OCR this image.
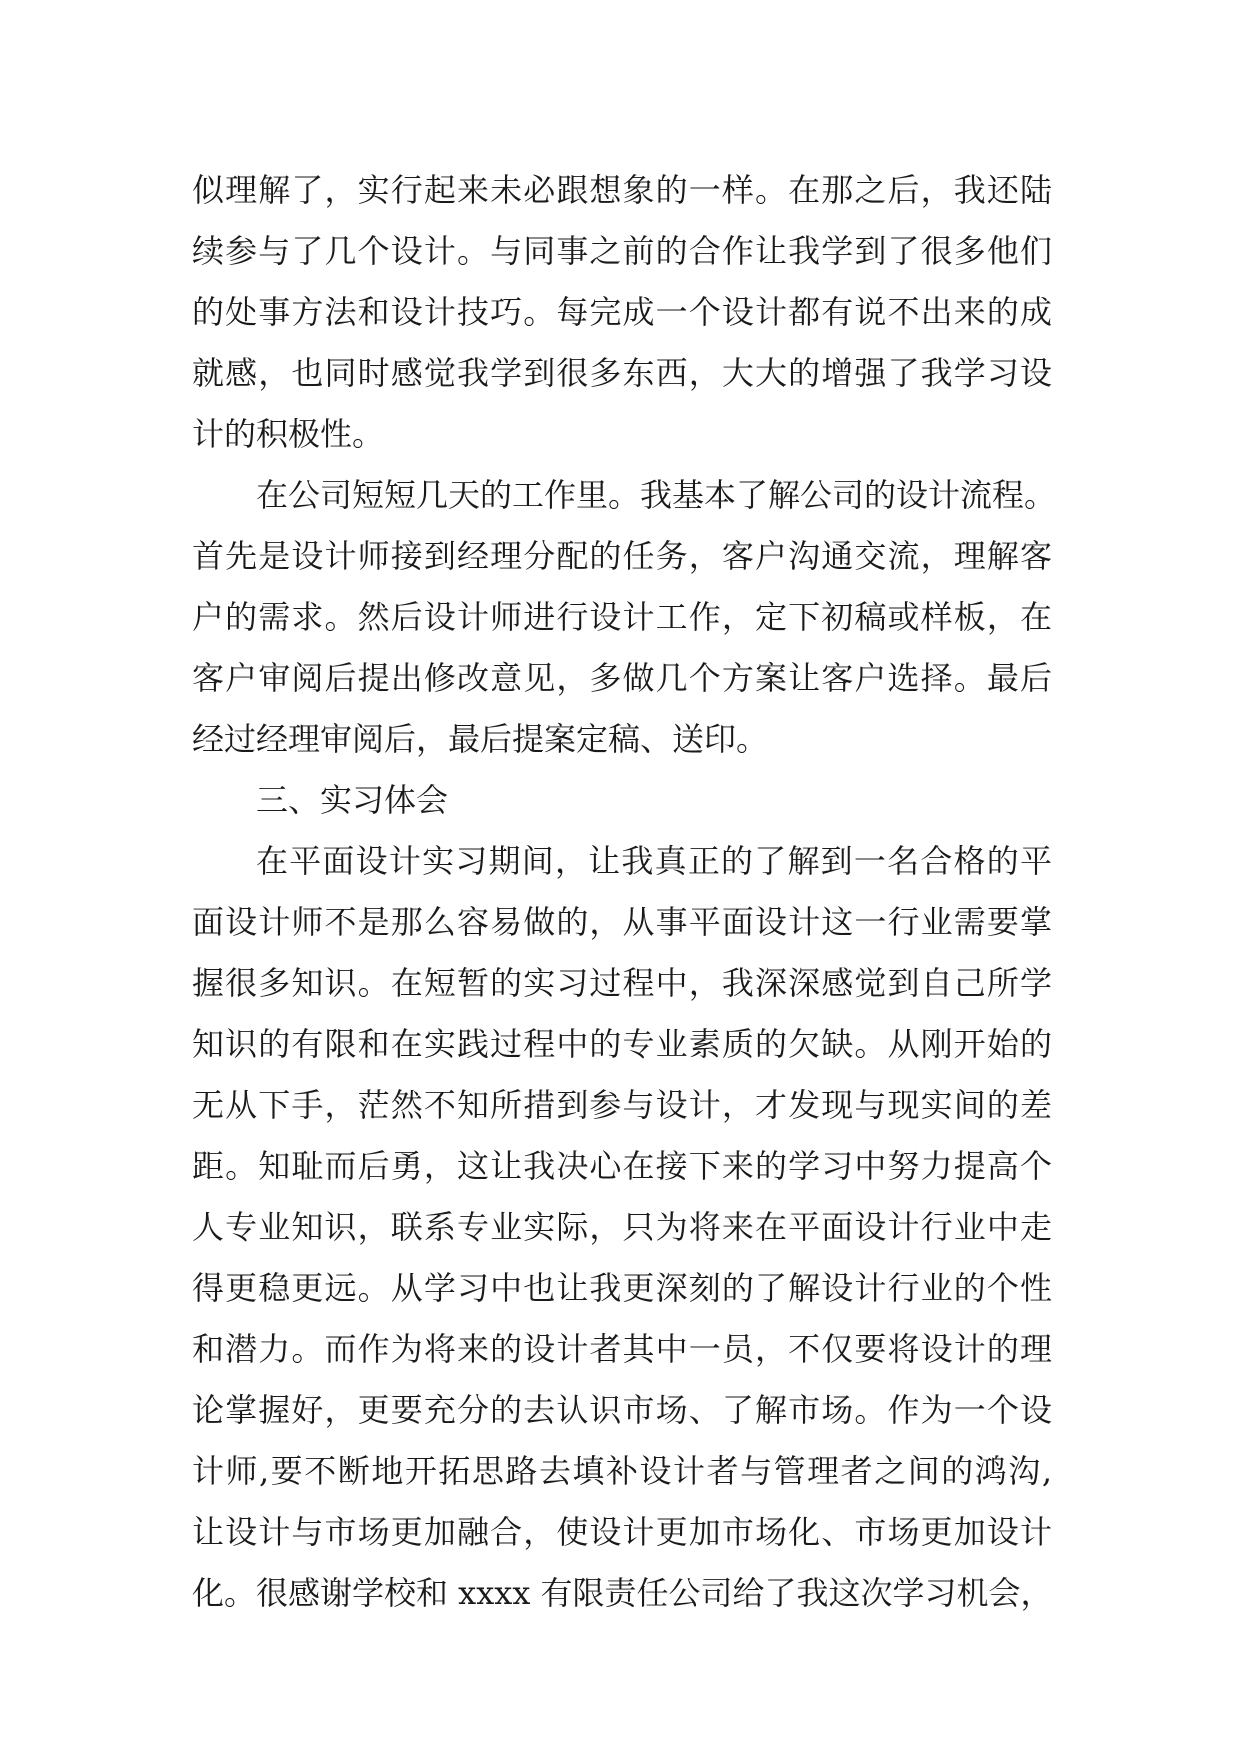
似理解了，实行起来未必跟想象的一样。在那之后，我还陆
续参与了几个设计。与同事之前的合作让我学到了很多他们
的处事方法和设计技巧。每完成一个设计都有说不出来的成
就感，也同时感觉我学到很多东西，大大的增强了我学习设
计的积极性。
在公司短短几天的工作里。我基本了解公司的设计流程。
首先是设计师接到经理分配的任务，客户沟通交流，理解客
户的需求。然后设计师进行设计工作，定下初稿或样板，在
客户审阅后提出修改意见，多做几个方案让客户选择。最后
经过经理审阅后，最后提案定稿、送印。
三、实习体会
在平面设计实习期间，让我真正的了解到一名合格的平
面设计师不是那么容易做的，从事平面设计这一行业需要掌
握很多知识。在短暂的实习过程中，我深深感觉到自己所学
知识的有限和在实践过程中的专业素质的欠缺。从刚开始的
无从下手，茫然不知所措到参与设计，才发现与现实间的差
距。知耻而后勇，这让我决心在接下来的学习中努力提高个
人专业知识，联系专业实际，只为将来在平面设计行业中走
得更稳更远。从学习中也让我更深刻的了解设计行业的个性
和潜力。而作为将来的设计者其中一员，不仅要将设计的理
论掌握好，更要充分的去认识市场、了解市场。作为一个设
计师,要不断地开拓思路去填补设计者与管理者之间的鸿沟,
让设计与市场更加融合，使设计更加市场化、市场更加设计
化。很感谢学校和 xxxx 有限责任公司给了我这次学习机会，
